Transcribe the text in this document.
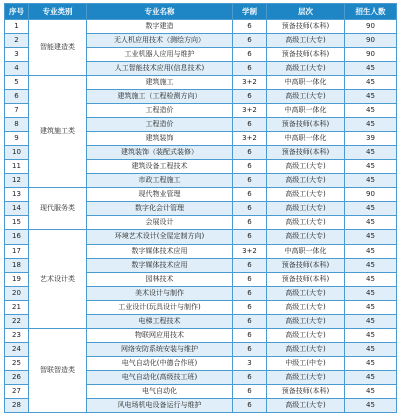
序号	专业类别	专业名称	学制	层次	招生人数
1	智能建造类	数字建造	6	预备技师(本科)	90
2		无人机应用技术（测绘方向）	6	高级工(大专)	90
3		工业机器人应用与维护	6	预备技师(本科)	90
4		人工智能技术应用(信息技术)	6	高级工(大专)	45
5	建筑施工类	建筑施工	3+2	中高职一体化	45
6		建筑施工（工程检测方向）	6	高级工(大专)	45
7		工程造价	3+2	中高职一体化	45
8		工程造价	6	预备技师(本科)	45
9		建筑装饰	3+2	中高职一体化	39
10		建筑装饰（装配式装修）	6	预备技师(本科)	45
11		建筑设备工程技术	6	高级工(大专)	45
12		市政工程施工	6	高级工(大专)	45
13	现代服务类	现代物业管理	6	高级工(大专)	90
14		数字化会计管理	6	高级工(大专)	45
15		会展设计	6	高级工(大专)	45
16	艺术设计类	环境艺术设计(全屋定制方向)	6	高级工(大专)	45
17		数字媒体技术应用	3+2	中高职一体化	45
18		数字媒体技术应用	6	预备技师(本科)	45
19		园林技术	6	预备技师(本科)	45
20		美术设计与制作	6	高级工(大专)	45
21		工业设计(玩具设计与制作)	6	高级工(大专)	45
22		电梯工程技术	6	高级工(大专)	45
23	智联智造类	物联网应用技术	6	高级工(大专)	45
24		网络安防系统安装与维护	6	高级工(大专)	45
25		电气自动化(中德合作班)	3	中级工(中专)	45
26		电气自动化(高级技工班)	6	高级工(大专)	45
27		电气自动化	6	预备技师(本科)	45
28		风电场机电设备运行与维护	6	高级工(大专)	45
